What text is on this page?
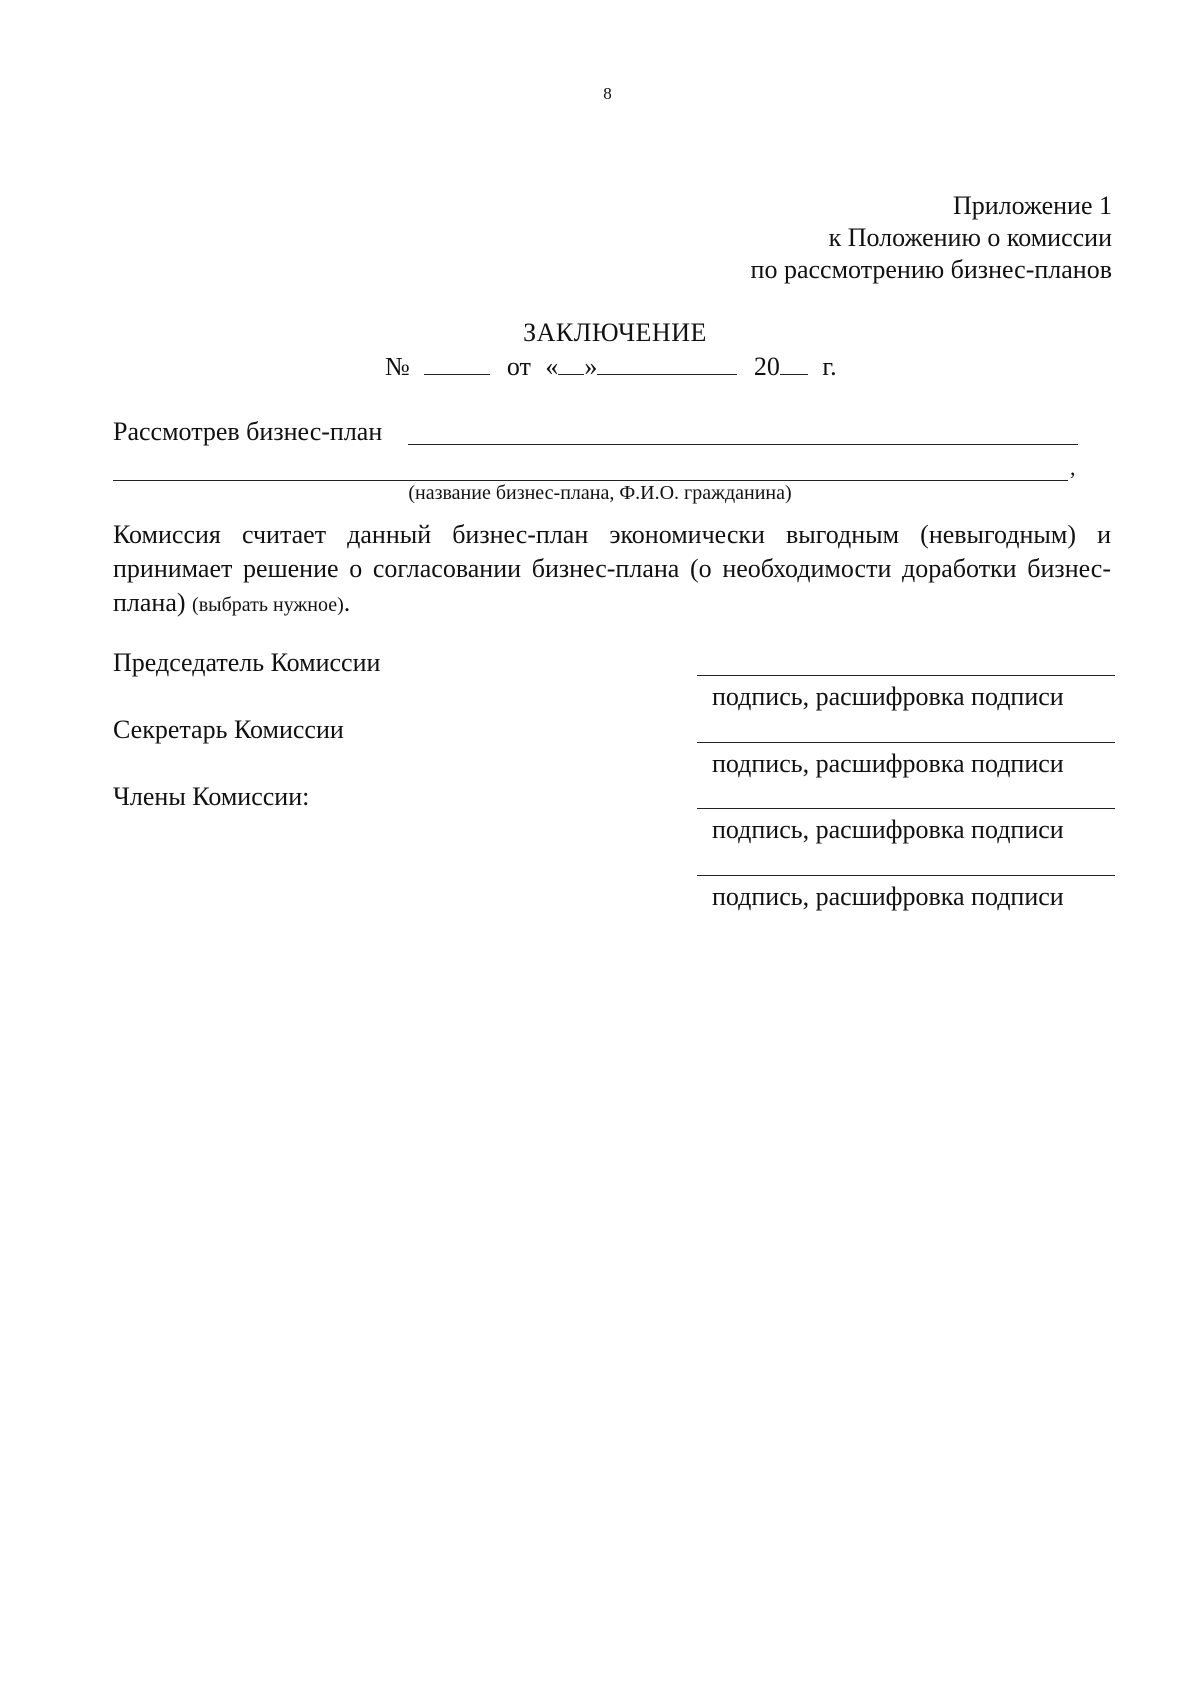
8
Приложение 1
к Положению о комиссии
по рассмотрению бизнес-планов
ЗАКЛЮЧЕНИЕ
№	от « »	20 г.
Рассмотрев бизнес-план
,
(название бизнес-плана, Ф.И.О. гражданина)
Комиссия считает данный бизнес-план экономически выгодным (невыгодным) и принимает решение о согласовании бизнес-плана (о необходимости доработки бизнес-плана) (выбрать нужное).
Председатель Комиссии
подпись, расшифровка подписи
Секретарь Комиссии
подпись, расшифровка подписи
Члены Комиссии:
подпись, расшифровка подписи
подпись, расшифровка подписи
